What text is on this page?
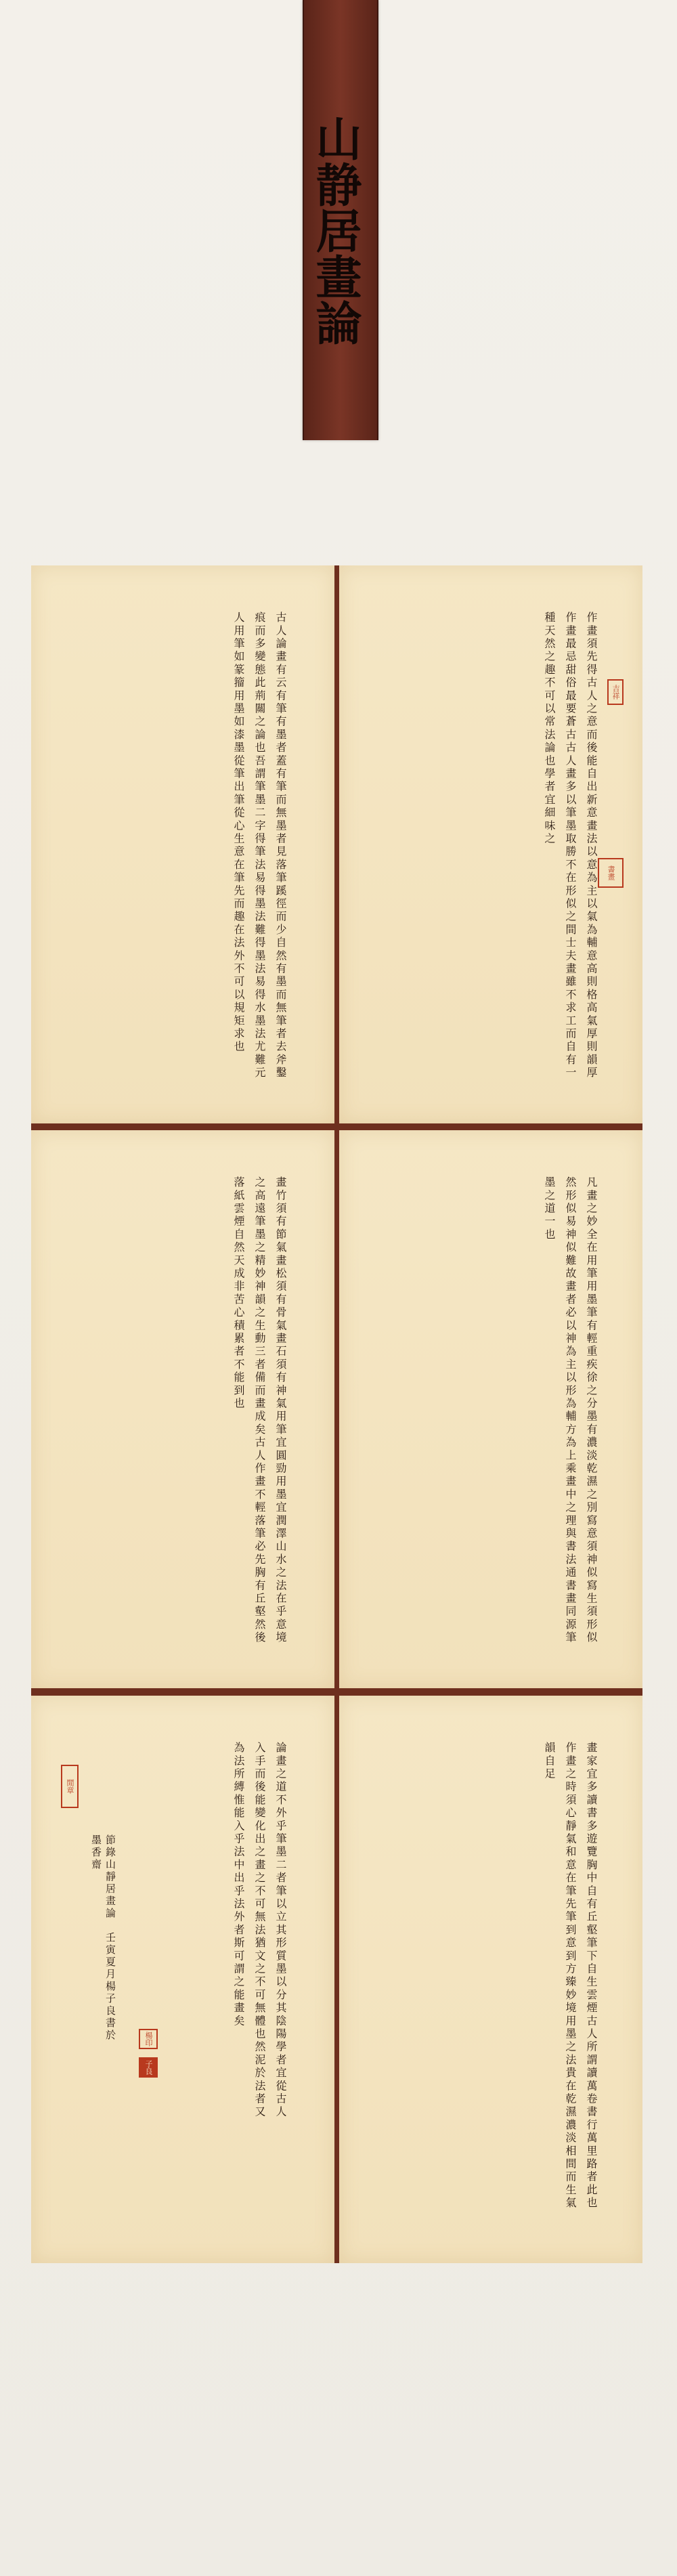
山静居畫論
古人論畫有云有筆有墨者蓋有筆而無墨者見落筆蹊徑而少自然有墨而無筆者去斧鑿痕而多變態此荊關之論也吾謂筆墨二字得筆法易得墨法難得墨法易得水墨法尤難元人用筆如篆籀用墨如漆墨從筆出筆從心生意在筆先而趣在法外不可以規矩求也	作畫須先得古人之意而後能自出新意畫法以意為主以氣為輔意高則格高氣厚則韻厚作畫最忌甜俗最要蒼古古人畫多以筆墨取勝不在形似之間士夫畫雖不求工而自有一種天然之趣不可以常法論也學者宜細味之	吉祥
書畫
畫竹須有節氣畫松須有骨氣畫石須有神氣用筆宜圓勁用墨宜潤澤山水之法在乎意境之高遠筆墨之精妙神韻之生動三者備而畫成矣古人作畫不輕落筆必先胸有丘壑然後落紙雲煙自然天成非苦心積累者不能到也	凡畫之妙全在用筆用墨筆有輕重疾徐之分墨有濃淡乾濕之別寫意須神似寫生須形似然形似易神似難故畫者必以神為主以形為輔方為上乘畫中之理與書法通書畫同源筆墨之道一也
閒章	論畫之道不外乎筆墨二者筆以立其形質墨以分其陰陽學者宜從古人入手而後能變化出之畫之不可無法猶文之不可無體也然泥於法者又為法所縛惟能入乎法中出乎法外者斯可謂之能畫矣
節錄山靜居畫論　壬寅夏月楊子良書於墨香齋
楊印
子良	畫家宜多讀書多遊覽胸中自有丘壑筆下自生雲煙古人所謂讀萬卷書行萬里路者此也作畫之時須心靜氣和意在筆先筆到意到方臻妙境用墨之法貴在乾濕濃淡相間而生氣韻自足
